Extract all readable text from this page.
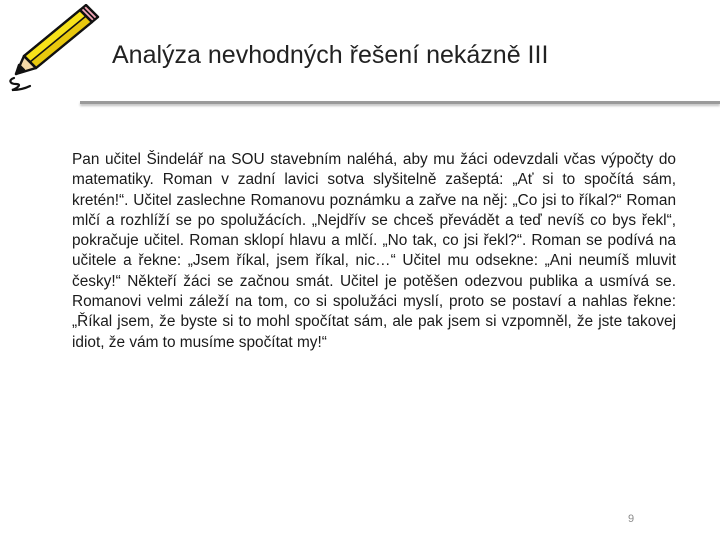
Analýza nevhodných řešení nekázně III

Pan učitel Šindelář na SOU stavebním naléhá, aby mu žáci odevzdali včas výpočty do matematiky. Roman v zadní lavici sotva slyšitelně zašeptá: „Ať si to spočítá sám, kretén!“. Učitel zaslechne Romanovu poznámku a zařve na něj: „Co jsi to říkal?“ Roman mlčí a rozhlíží se po spolužácích. „Nejdřív se chceš převádět a teď nevíš co bys řekl“, pokračuje učitel. Roman sklopí hlavu a mlčí. „No tak, co jsi řekl?“. Roman se podívá na učitele a řekne: „Jsem říkal, jsem říkal, nic…“ Učitel mu odsekne: „Ani neumíš mluvit česky!“ Někteří žáci se začnou smát. Učitel je potěšen odezvou publika a usmívá se. Romanovi velmi záleží na tom, co si spolužáci myslí, proto se postaví a nahlas řekne: „Říkal jsem, že byste si to mohl spočítat sám, ale pak jsem si vzpomněl, že jste takovej idiot, že vám to musíme spočítat my!“

9
